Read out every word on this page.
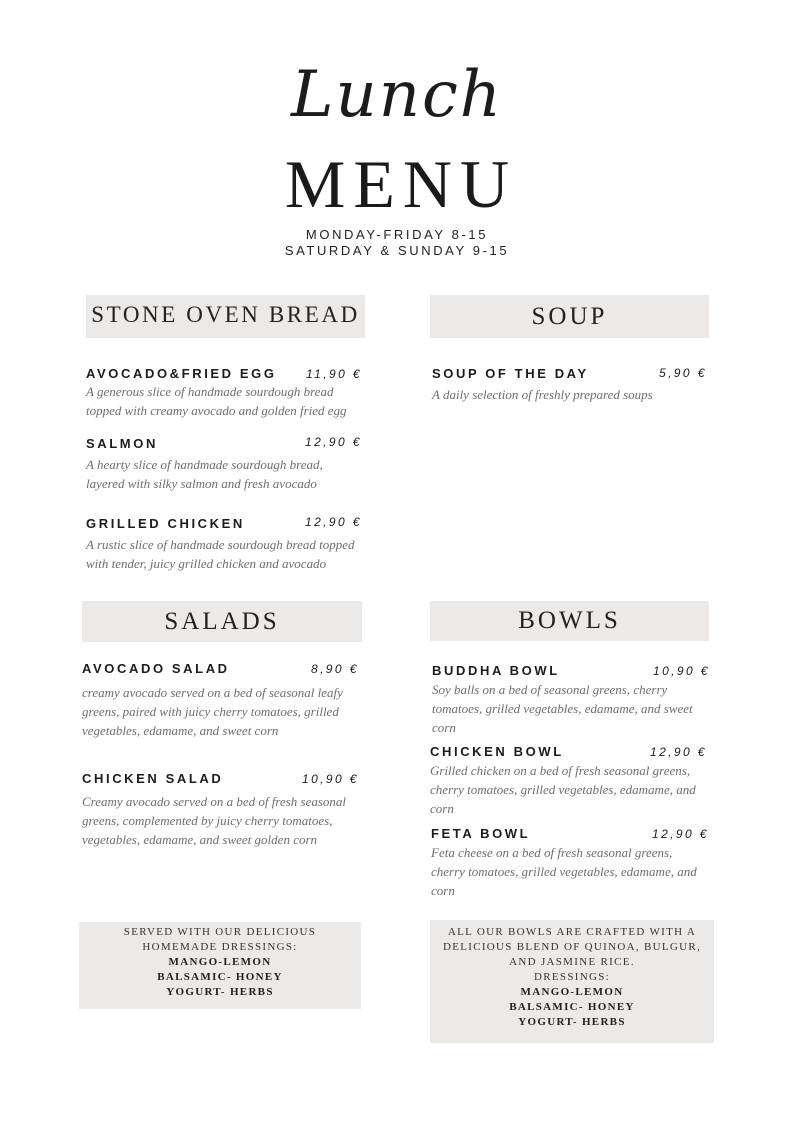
Lunch
MENU
MONDAY-FRIDAY 8-15
SATURDAY & SUNDAY 9-15
STONE OVEN BREAD
AVOCADO&FRIED EGG 11,90 €
A generous slice of handmade sourdough bread
topped with creamy avocado and golden fried egg
SALMON	12,90 €
A hearty slice of handmade sourdough bread,
layered with silky salmon and fresh avocado
GRILLED CHICKEN	12,90 €
A rustic slice of handmade sourdough bread topped
with tender, juicy grilled chicken and avocado
SOUP
SOUP OF THE DAY	5,90 €
A daily selection of freshly prepared soups
SALADS
AVOCADO SALAD	8,90 €
creamy avocado served on a bed of seasonal leafy
greens, paired with juicy cherry tomatoes, grilled
vegetables, edamame, and sweet corn
CHICKEN SALAD	10,90 €
Creamy avocado served on a bed of fresh seasonal
greens, complemented by juicy cherry tomatoes,
vegetables, edamame, and sweet golden corn
SERVED WITH OUR DELICIOUS
HOMEMADE DRESSINGS:
MANGO-LEMON
BALSAMIC- HONEY
YOGURT- HERBS
BOWLS
BUDDHA BOWL	10,90 €
Soy balls on a bed of seasonal greens, cherry
tomatoes, grilled vegetables, edamame, and sweet
corn
CHICKEN BOWL	12,90 €
Grilled chicken on a bed of fresh seasonal greens,
cherry tomatoes, grilled vegetables, edamame, and
corn
FETA BOWL	12,90 €
Feta cheese on a bed of fresh seasonal greens,
cherry tomatoes, grilled vegetables, edamame, and
corn
ALL OUR BOWLS ARE CRAFTED WITH A
DELICIOUS BLEND OF QUINOA, BULGUR,
AND JASMINE RICE.
DRESSINGS:
MANGO-LEMON
BALSAMIC- HONEY
YOGURT- HERBS
